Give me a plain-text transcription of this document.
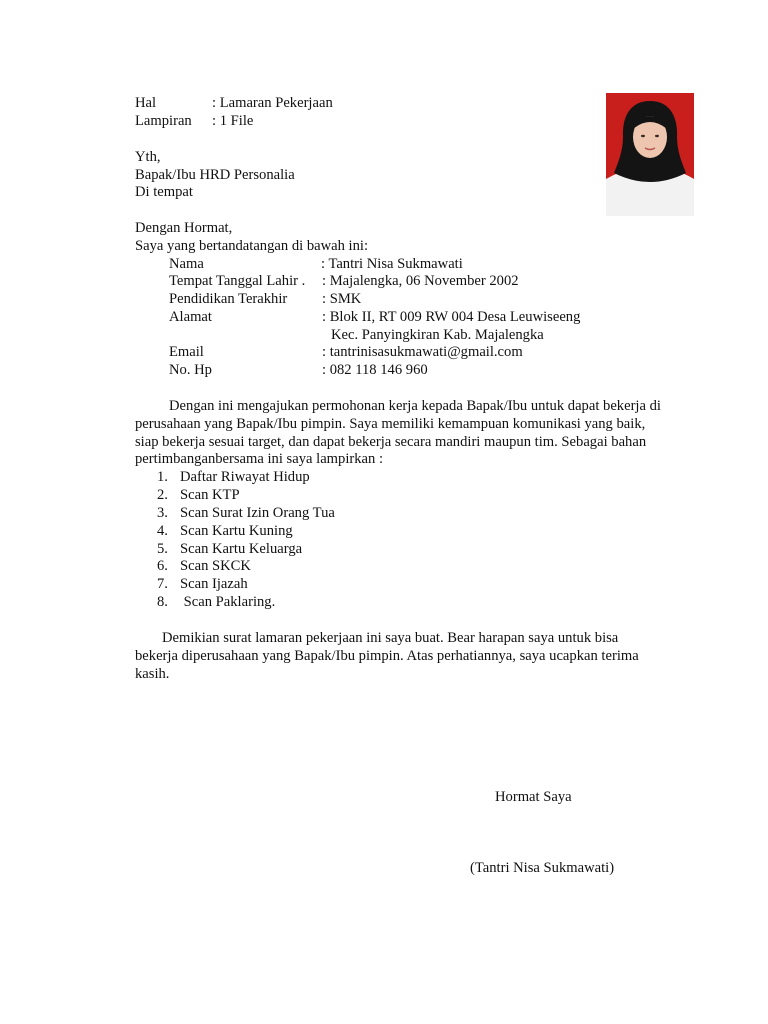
Hal	: Lamaran Pekerjaan
Lampiran : 1 File
Yth,
Bapak/Ibu HRD Personalia
Di tempat
Dengan Hormat,
Saya yang bertandatangan di bawah ini:
Nama	: Tantri Nisa Sukmawati
Tempat Tanggal Lahir . : Majalengka, 06 November 2002
Pendidikan Terakhir : SMK
Alamat	: Blok II, RT 009 RW 004 Desa Leuwiseeng
Kec. Panyingkiran Kab. Majalengka
Email	: tantrinisasukmawati@gmail.com
No. Hp	: 082 118 146 960
Dengan ini mengajukan permohonan kerja kepada Bapak/Ibu untuk dapat bekerja di
perusahaan yang Bapak/Ibu pimpin. Saya memiliki kemampuan komunikasi yang baik,
siap bekerja sesuai target, dan dapat bekerja secara mandiri maupun tim. Sebagai bahan
pertimbanganbersama ini saya lampirkan :
1. Daftar Riwayat Hidup
2. Scan KTP
3. Scan Surat Izin Orang Tua
4. Scan Kartu Kuning
5. Scan Kartu Keluarga
6. Scan SKCK
7. Scan Ijazah
8. Scan Paklaring.
Demikian surat lamaran pekerjaan ini saya buat. Bear harapan saya untuk bisa
bekerja diperusahaan yang Bapak/Ibu pimpin. Atas perhatiannya, saya ucapkan terima
kasih.
Hormat Saya
(Tantri Nisa Sukmawati)
